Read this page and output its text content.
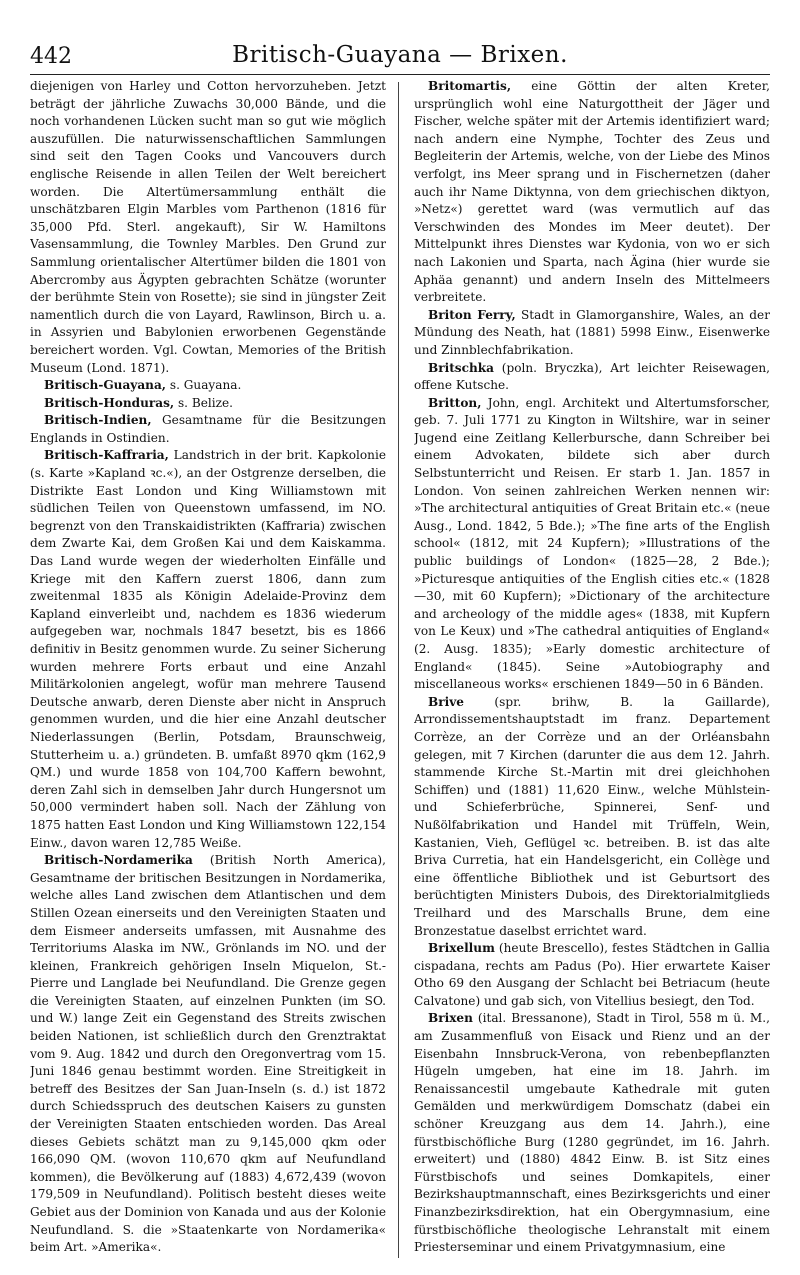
442	Britisch-Guayana — Brixen.

diejenigen von Harley und Cotton hervorzuheben. Jetzt beträgt der jährliche Zuwachs 30,000 Bände, und die noch vorhandenen Lücken sucht man so gut wie möglich auszufüllen. Die naturwissenschaftlichen Sammlungen sind seit den Tagen Cooks und Vancouvers durch englische Reisende in allen Teilen der Welt bereichert worden. Die Altertümersammlung enthält die unschätzbaren Elgin Marbles vom Parthenon (1816 für 35,000 Pfd. Sterl. angekauft), Sir W. Hamiltons Vasensammlung, die Townley Marbles. Den Grund zur Sammlung orientalischer Altertümer bilden die 1801 von Abercromby aus Ägypten gebrachten Schätze (worunter der berühmte Stein von Rosette); sie sind in jüngster Zeit namentlich durch die von Layard, Rawlinson, Birch u. a. in Assyrien und Babylonien erworbenen Gegenstände bereichert worden. Vgl. Cowtan, Memories of the British Museum (Lond. 1871).

Britisch-Guayana, s. Guayana.

Britisch-Honduras, s. Belize.

Britisch-Indien, Gesamtname für die Besitzungen Englands in Ostindien.

Britisch-Kaffraria, Landstrich in der brit. Kapkolonie (s. Karte »Kapland ꝛc.«), an der Ostgrenze derselben, die Distrikte East London und King Williamstown mit südlichen Teilen von Queenstown umfassend, im NO. begrenzt von den Transkaidistrikten (Kaffraria) zwischen dem Zwarte Kai, dem Großen Kai und dem Kaiskamma. Das Land wurde wegen der wiederholten Einfälle und Kriege mit den Kaffern zuerst 1806, dann zum zweitenmal 1835 als Königin Adelaide-Provinz dem Kapland einverleibt und, nachdem es 1836 wiederum aufgegeben war, nochmals 1847 besetzt, bis es 1866 definitiv in Besitz genommen wurde. Zu seiner Sicherung wurden mehrere Forts erbaut und eine Anzahl Militärkolonien angelegt, wofür man mehrere Tausend Deutsche anwarb, deren Dienste aber nicht in Anspruch genommen wurden, und die hier eine Anzahl deutscher Niederlassungen (Berlin, Potsdam, Braunschweig, Stutterheim u. a.) gründeten. B. umfaßt 8970 qkm (162,9 QM.) und wurde 1858 von 104,700 Kaffern bewohnt, deren Zahl sich in demselben Jahr durch Hungersnot um 50,000 vermindert haben soll. Nach der Zählung von 1875 hatten East London und King Williamstown 122,154 Einw., davon waren 12,785 Weiße.

Britisch-Nordamerika (British North America), Gesamtname der britischen Besitzungen in Nordamerika, welche alles Land zwischen dem Atlantischen und dem Stillen Ozean einerseits und den Vereinigten Staaten und dem Eismeer anderseits umfassen, mit Ausnahme des Territoriums Alaska im NW., Grönlands im NO. und der kleinen, Frankreich gehörigen Inseln Miquelon, St.-Pierre und Langlade bei Neufundland. Die Grenze gegen die Vereinigten Staaten, auf einzelnen Punkten (im SO. und W.) lange Zeit ein Gegenstand des Streits zwischen beiden Nationen, ist schließlich durch den Grenztraktat vom 9. Aug. 1842 und durch den Oregonvertrag vom 15. Juni 1846 genau bestimmt worden. Eine Streitigkeit in betreff des Besitzes der San Juan-Inseln (s. d.) ist 1872 durch Schiedsspruch des deutschen Kaisers zu gunsten der Vereinigten Staaten entschieden worden. Das Areal dieses Gebiets schätzt man zu 9,145,000 qkm oder 166,090 QM. (wovon 110,670 qkm auf Neufundland kommen), die Bevölkerung auf (1883) 4,672,439 (wovon 179,509 in Neufundland). Politisch besteht dieses weite Gebiet aus der Dominion von Kanada und aus der Kolonie Neufundland. S. die »Staatenkarte von Nordamerika« beim Art. »Amerika«.

Britomartis, eine Göttin der alten Kreter, ursprünglich wohl eine Naturgottheit der Jäger und Fischer, welche später mit der Artemis identifiziert ward; nach andern eine Nymphe, Tochter des Zeus und Begleiterin der Artemis, welche, von der Liebe des Minos verfolgt, ins Meer sprang und in Fischernetzen (daher auch ihr Name Diktynna, von dem griechischen diktyon, »Netz«) gerettet ward (was vermutlich auf das Verschwinden des Mondes im Meer deutet). Der Mittelpunkt ihres Dienstes war Kydonia, von wo er sich nach Lakonien und Sparta, nach Ägina (hier wurde sie Aphäa genannt) und andern Inseln des Mittelmeers verbreitete.

Briton Ferry, Stadt in Glamorganshire, Wales, an der Mündung des Neath, hat (1881) 5998 Einw., Eisenwerke und Zinnblechfabrikation.

Britschka (poln. Bryczka), Art leichter Reisewagen, offene Kutsche.

Britton, John, engl. Architekt und Altertumsforscher, geb. 7. Juli 1771 zu Kington in Wiltshire, war in seiner Jugend eine Zeitlang Kellerbursche, dann Schreiber bei einem Advokaten, bildete sich aber durch Selbstunterricht und Reisen. Er starb 1. Jan. 1857 in London. Von seinen zahlreichen Werken nennen wir: »The architectural antiquities of Great Britain etc.« (neue Ausg., Lond. 1842, 5 Bde.); »The fine arts of the English school« (1812, mit 24 Kupfern); »Illustrations of the public buildings of London« (1825—28, 2 Bde.); »Picturesque antiquities of the English cities etc.« (1828—30, mit 60 Kupfern); »Dictionary of the architecture and archeology of the middle ages« (1838, mit Kupfern von Le Keux) und »The cathedral antiquities of England« (2. Ausg. 1835); »Early domestic architecture of England« (1845). Seine »Autobiography and miscellaneous works« erschienen 1849—50 in 6 Bänden.

Brive (spr. brihw, B. la Gaillarde), Arrondissementshauptstadt im franz. Departement Corrèze, an der Corrèze und an der Orléansbahn gelegen, mit 7 Kirchen (darunter die aus dem 12. Jahrh. stammende Kirche St.-Martin mit drei gleichhohen Schiffen) und (1881) 11,620 Einw., welche Mühlstein- und Schieferbrüche, Spinnerei, Senf- und Nußölfabrikation und Handel mit Trüffeln, Wein, Kastanien, Vieh, Geflügel ꝛc. betreiben. B. ist das alte Briva Curretia, hat ein Handelsgericht, ein Collège und eine öffentliche Bibliothek und ist Geburtsort des berüchtigten Ministers Dubois, des Direktorialmitglieds Treilhard und des Marschalls Brune, dem eine Bronzestatue daselbst errichtet ward.

Brixellum (heute Brescello), festes Städtchen in Gallia cispadana, rechts am Padus (Po). Hier erwartete Kaiser Otho 69 den Ausgang der Schlacht bei Betriacum (heute Calvatone) und gab sich, von Vitellius besiegt, den Tod.

Brixen (ital. Bressanone), Stadt in Tirol, 558 m ü. M., am Zusammenfluß von Eisack und Rienz und an der Eisenbahn Innsbruck-Verona, von rebenbepflanzten Hügeln umgeben, hat eine im 18. Jahrh. im Renaissancestil umgebaute Kathedrale mit guten Gemälden und merkwürdigem Domschatz (dabei ein schöner Kreuzgang aus dem 14. Jahrh.), eine fürstbischöfliche Burg (1280 gegründet, im 16. Jahrh. erweitert) und (1880) 4842 Einw. B. ist Sitz eines Fürstbischofs und seines Domkapitels, einer Bezirkshauptmannschaft, eines Bezirksgerichts und einer Finanzbezirksdirektion, hat ein Obergymnasium, eine fürstbischöfliche theologische Lehranstalt mit einem Priesterseminar und einem Privatgymnasium, eine
